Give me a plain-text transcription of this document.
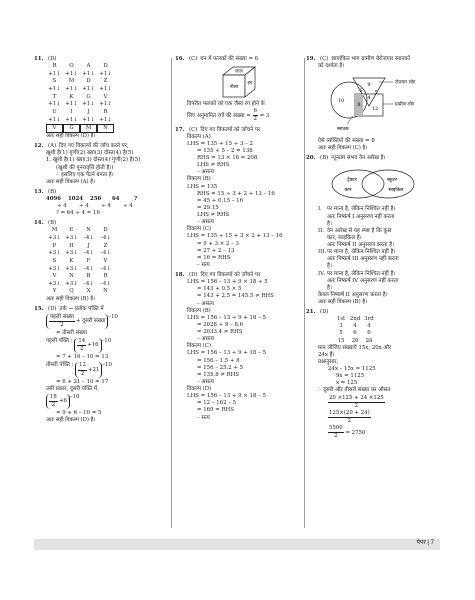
11. (D)
R	O	A	D
+1↓ +1↓ +1↓ +1↓
S	M	D	Z
+1↓ +1↓ +1↓ +1↓
T	K	G	V
+1↓ +1↓ +1↓ +1↓
U	I	J	R
+1↓ +1↓ +1↓ +1↓
V	G	M	N
अतः सही विकल्प (D) है।
12. (A) दिए गए विकल्पों की जाँच करने पर,
खुशी है(1) गुणी(2) ख्या(3) दोस्त(4) है(5)
1. खुशी है(1) ख्या(3) दोस्त(4) गुणी(2) है(5)
(खुशी की पुनरावृत्ति होती है।)
∴ इसलिए एक पैटर्न बनता है।
अतः सही विकल्प (A) है।
13. (B)
4096	1024	256	64	?
÷ 4	÷ 4	÷ 4	÷ 4
? = 64 ÷ 4 = 16
14. (B)
M	E	N	D
+3↓ +3↓	–4↓	–4↓
P	H	J	Z
+3↓ +3↓	–4↓	–4↓
S	K	F	V
+3↓ +3↓	–4↓	–4↓
V	N	B	R
+3↓ +3↓	–4↓	–4↓
Y	Q	X	N
अतः सही विकल्प (B) है।
15. (D) तर्क → प्रत्येक पंक्ति में
$\frac{\text{पहली संख्या}}{2}$ + दूसरी संख्या
–10
= तीसरी संख्या
पहली पंक्ति : $\frac{14}{2} +16$
–10
= 7 + 16 – 10 = 13
तीसरी पंक्ति : $\frac{12}{2} +21$
–10
= 6 + 21 – 10 = 17
उसी प्रकार, दूसरी पंक्ति में,
$\frac{18}{2} +6$
–10
= 9 + 6 – 10 = 5
अतः सही विकल्प (D) है।
16. (C) घन में फलकों की संख्या = 6
लाल
नीला
हरा
विपरीत फलकों को एक जैसा रंग होने के
लिए अनुमानित रंगों की संख्या = $\frac{6}{2} = 3$
17. (C) दिए गए विकल्पों को जाँचने पर
विकल्प (A)
LHS = 135 + 15 ÷ 3 – 2
= 135 + 5 – 2 = 138
RHS = 13 × 16 = 208
LHS ≠ RHS
– असत्य
विकल्प (B)
LHS = 135
RHS = 15 ÷ 3 + 2 + 13 – 16
= 45 + 0.15 – 16
= 29.15
LHS ≠ RHS
– असत्य
विकल्प (C)
LHS = 135 ÷ 15 + 3 × 2 + 13 – 16
= 9 + 3 × 2 – 3
= 27 + 2 – 13
= 16 = RHS
– सत्य
18. (D) दिए गए विकल्पों को जाँचने पर
LHS = 156 – 13 + 9 × 18 ÷ 5
= 143 + 0.5 × 5
= 143 + 2.5 = 145.5 ≠ RHS
– असत्य
विकल्प (B)
LHS = 156 – 13 ÷ 9 + 18 – 5
= 2028 ÷ 9 – 8.6
= 2033.4 ≠ RHS
– असत्य
विकल्प (C)
LHS = 156 – 13 ÷ 9 + 18 – 5
= 156 – 1.5 + 8
= 156 – 25.2 + 5
= 135.8 ≠ RHS
– असत्य
विकल्प (D)
LHS = 156 – 13 + 9 × 18 – 5
= 12 – 162 – 5
= 169 = RHS
– सत्य
19. (C) छायांकित भाग ग्रामीण बेरोजगार स्नातकों
को दर्शाता है।
10
8
9
6
4
5
12
रोजगार लोग
ग्रामीण लोग
स्नातक
ऐसे व्यक्तियों की संख्या = 8
अतः सही विकल्प (C) है।
20. (B) न्यूनतम संभव वेन आरेख है।
ट्रैक्टर	स्कूटर
कार	साइकिल
I. पर मान्य है, लेकिन निश्चित नहीं है।
अतः निष्कर्ष I अनुसरण नहीं करता
है।
II. वेन आरेख से यह स्पष्ट है कि कुछ
कार, साइकिल हैं।
अतः निष्कर्ष II अनुसरण करता है।
III. पर मान्य है, लेकिन निश्चित नहीं है।
अतः निष्कर्ष III अनुसरण नहीं करता
है।
IV. पर मान्य है, लेकिन निश्चित नहीं है।
अतः निष्कर्ष IV अनुसरण नहीं करता
है।
केवल निष्कर्ष II अनुसरण करता है।
अतः सही विकल्प (B) है।
21. (D)
1st 2nd 3rd
3	4	4
5	6	6
15	20	24
मान लीजिए संख्याएँ 15x, 20x और
24x हैं।
प्रश्नानुसार,
24x – 15x = 1125
9x = 1125
x = 125
∴ दूसरी और तीसरी संख्या का औसत
$\frac{20 \times 125 + 24 \times 125}{2}$
$\frac{125\times(20 + 24)}{2}$
$\frac{5500}{2} = 2750$
पेपर | 7
